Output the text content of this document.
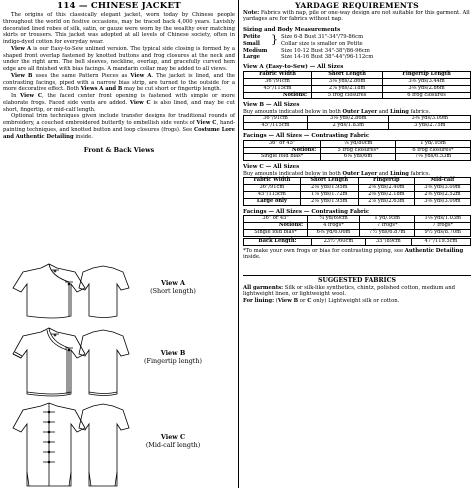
114 — CHINESE JACKET

The origins of this classically elegant jacket, worn today by Chinese people throughout the world on festive occasions, may be traced back 4,000 years. Lavishly decorated lined robes of silk, satin, or gauze were worn by the wealthy over matching skirts or trousers. This jacket was adopted at all levels of Chinese society, often in indigo-dyed cotton for everyday wear.

View A is our Easy-to-Sew unlined version. The typical side closing is formed by a shaped front overlap fastened by knotted buttons and frog closures at the neck and under the right arm. The bell sleeves, neckline, overlap, and gracefully curved hem edge are all finished with bias facings. A mandarin collar may be added to all views.

View B uses the same Pattern Pieces as View A. The jacket is lined, and the contrasting facings, piped with a narrow bias strip, are turned to the outside for a more decorative effect. Both Views A and B may be cut short or fingertip length.

In View C, the faced center front opening is fastened with simple or more elaborate frogs. Faced side vents are added. View C is also lined, and may be cut short, fingertip, or mid-calf length.

Optional trim techniques given include transfer designs for traditional rounds of embroidery, a couched embroidered butterfly to embellish side vents of View C, hand-painting techniques, and knotted button and loop closures (frogs). See Costume Lore and Authentic Detailing inside.

Front & Back Views
View A
(Short length)
View B
(Fingertip length)
View C
(Mid-calf length)
YARDAGE REQUIREMENTS

Note: Fabrics with nap, pile or one-way design are not suitable for this garment. All yardages are for fabrics without nap.

Sizing and Body Measurements
Petite	Size 6-8 Bust 31"-34"/79-86cm
Small	Collar size is smaller on Petite
}
Medium	Size 10-12 Bust 34"-38"/86-96cm
Large	Size 14-16 Bust 38"-44"/96-112cm
View A (Easy-to-Sew) — All Sizes
Fabric Width	Short Length	Fingertip Length
36"/91cm	3⅛ yds/2.86m	3⅝ yds/3.44m
45"/115cm	2⅞ yds/2.18m	3⅛ yds/2.86m
Notions:	5 frog closures	6 frog closures
View B — All Sizes
Buy amounts indicated below in both Outer Layer and Lining fabrics.
36"/91cm	3⅛ yds/2.86m	3⅜ yds/3.09m
45"/115cm	2 yds/1.83m	3 yds/2.75m
Facings — All Sizes — Contrasting Fabric
36" or 45"	⅞ yd/80cm	1 yd/.95m
Notions:	5 frog closures*	6 frog closures*
Single fold bias*	6⅛ yds/6m	7⅛ yds/6.53m
View C — All Sizes
Buy amounts indicated below in both Outer Layer and Lining fabrics.
Fabric Width	Short Length	Fingertip	Mid-calf
36"/91cm	2⅛ yds/1.95m	2⅝ yds/2.40m	3⅜ yds/3.09m
45"/115cm	1⅞ yds/1.72m	2⅜ yds/2.18m	2⅝ yds/2.52m
Large only	2⅛ yds/1.95m	2⅞ yds/2.63m	3⅜ yds/3.09m
Facings — All Sizes — Contrasting Fabric
36" or 45"	¾ yd/69cm	1 yd/.95m	1⅛ yds/1.03m
Notions:	4 frogs*	7 frogs*	7 frogs*
Single fold bias*	6⅝ yd/6.06m	7½ yds/6.87m	9½ yds/8.70m
Back Length:	23½"/60cm	35"/89cm	47"/119.5cm

*To make your own frogs or bias for contrasting piping, see Authentic Detailing inside.

SUGGESTED FABRICS

All garments: Silk or silk-like synthetics, chintz, polished cotton, medium and lightweight linen, or lightweight wool.

For lining: (View B or C only) Lightweight silk or cotton.
